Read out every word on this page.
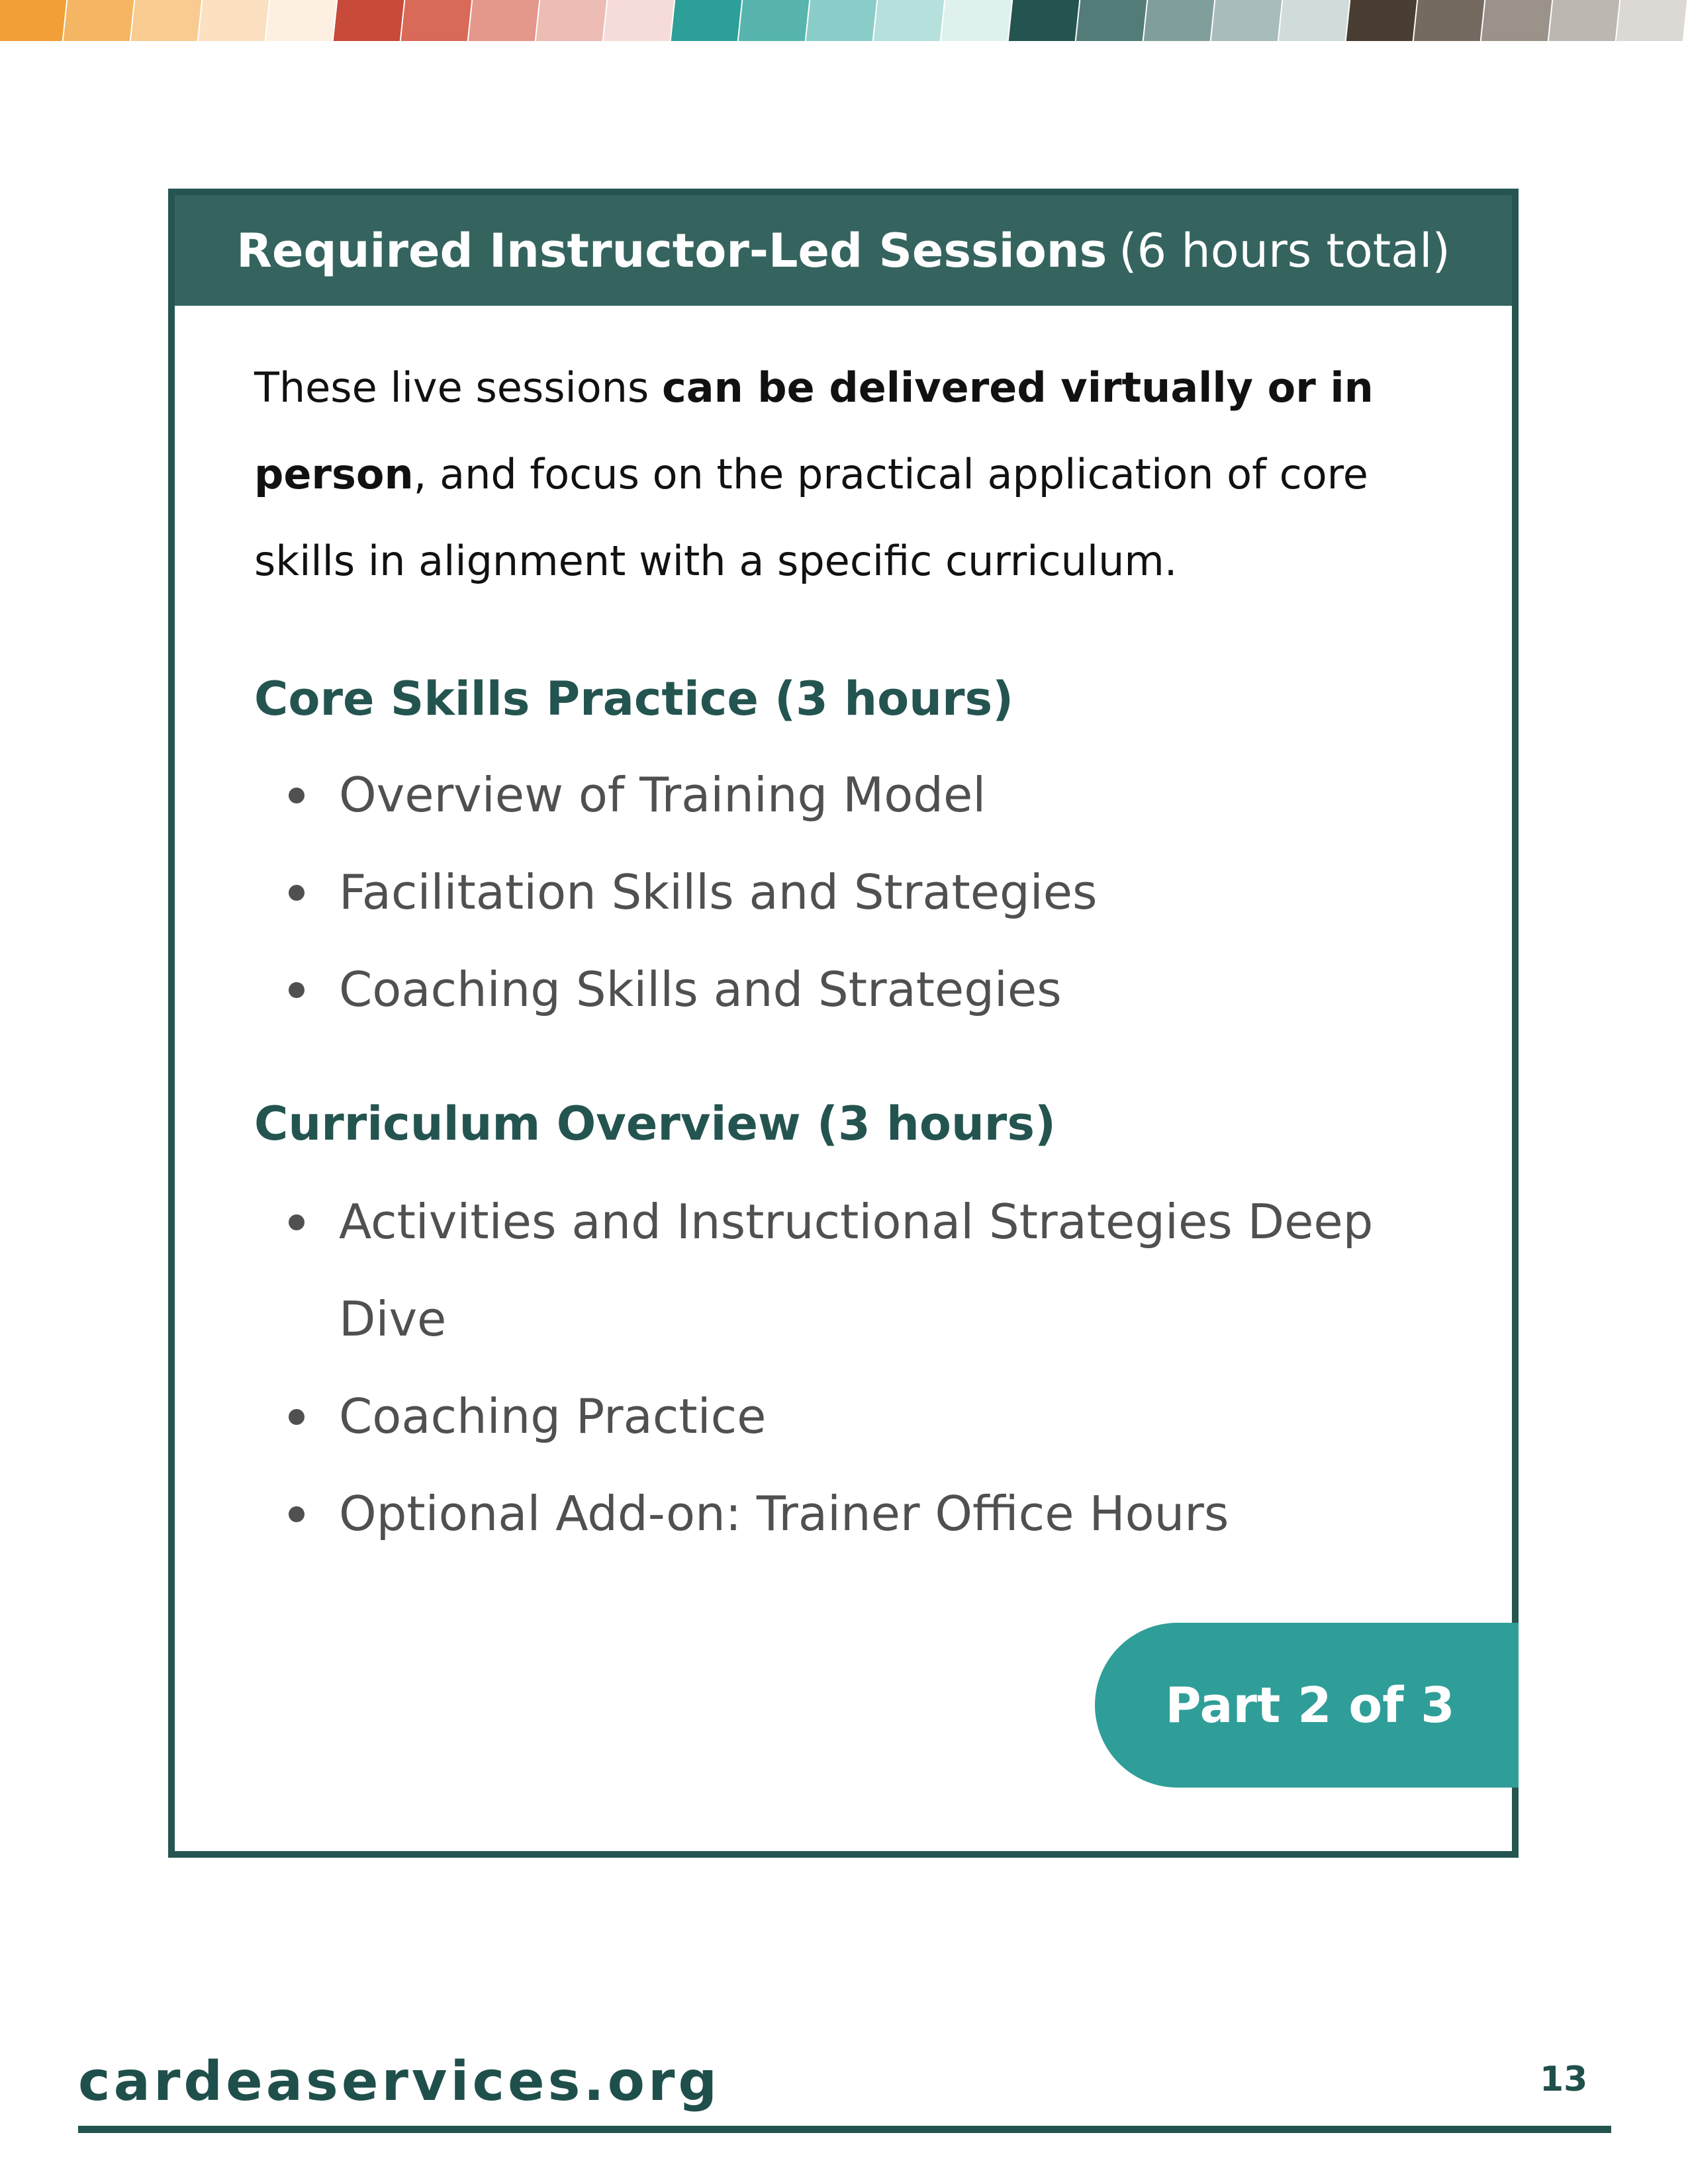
Required Instructor-Led Sessions (6 hours total)
These live sessions can be delivered virtually or in person, and focus on the practical application of core skills in alignment with a specific curriculum.
Core Skills Practice (3 hours)
Overview of Training Model
Facilitation Skills and Strategies
Coaching Skills and Strategies
Curriculum Overview (3 hours)
Activities and Instructional Strategies Deep Dive
Coaching Practice
Optional Add-on: Trainer Office Hours
Part 2 of 3
cardeaservices.org	13
